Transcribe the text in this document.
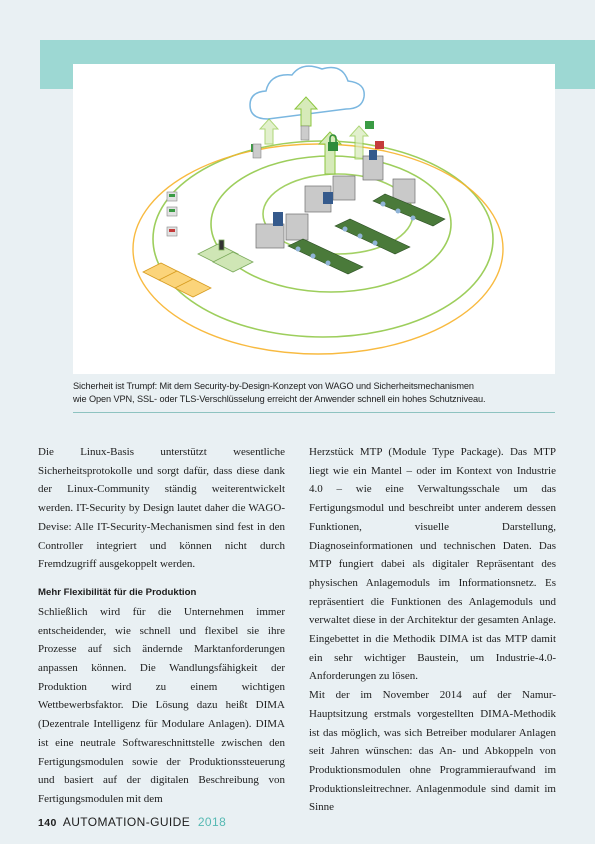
Sicherheit ist Trumpf: Mit dem Security-by-Design-Konzept von WAGO und Sicherheitsmechanismen
wie Open VPN, SSL- oder TLS-Verschlüsselung erreicht der Anwender schnell ein hohes Schutzniveau.

Die Linux-Basis unterstützt wesentliche Sicherheitsprotokolle und sorgt dafür, dass diese dank der Linux-Community ständig weiterentwickelt werden. IT-Security by Design lautet daher die WAGO-Devise: Alle IT-Security-Mechanismen sind fest in den Controller integriert und können nicht durch Fremdzugriff ausgekoppelt werden.

Mehr Flexibilität für die Produktion

Schließlich wird für die Unternehmen immer entscheidender, wie schnell und flexibel sie ihre Prozesse auf sich ändernde Marktanforderungen anpassen können. Die Wandlungsfähigkeit der Produktion wird zu einem wichtigen Wettbewerbsfaktor. Die Lösung dazu heißt DIMA (Dezentrale Intelligenz für Modulare Anlagen). DIMA ist eine neutrale Softwareschnittstelle zwischen den Fertigungsmodulen sowie der Produktionssteuerung und basiert auf der digitalen Beschreibung von Fertigungsmodulen mit dem

Herzstück MTP (Module Type Package). Das MTP liegt wie ein Mantel – oder im Kontext von Industrie 4.0 – wie eine Verwaltungsschale um das Fertigungsmodul und beschreibt unter anderem dessen Funktionen, visuelle Darstellung, Diagnoseinformationen und technischen Daten. Das MTP fungiert dabei als digitaler Repräsentant des physischen Anlagemoduls im Informationsnetz. Es repräsentiert die Funktionen des Anlagemoduls und verwaltet diese in der Architektur der gesamten Anlage. Eingebettet in die Methodik DIMA ist das MTP damit ein sehr wichtiger Baustein, um Industrie-4.0-Anforderungen zu lösen.

Mit der im November 2014 auf der Namur-Hauptsitzung erstmals vorgestellten DIMA-Methodik ist das möglich, was sich Betreiber modularer Anlagen seit Jahren wünschen: das An- und Abkoppeln von Produktionsmodulen ohne Programmieraufwand im Produktionsleitrechner. Anlagenmodule sind damit im Sinne

140 AUTOMATION-GUIDE 2018
